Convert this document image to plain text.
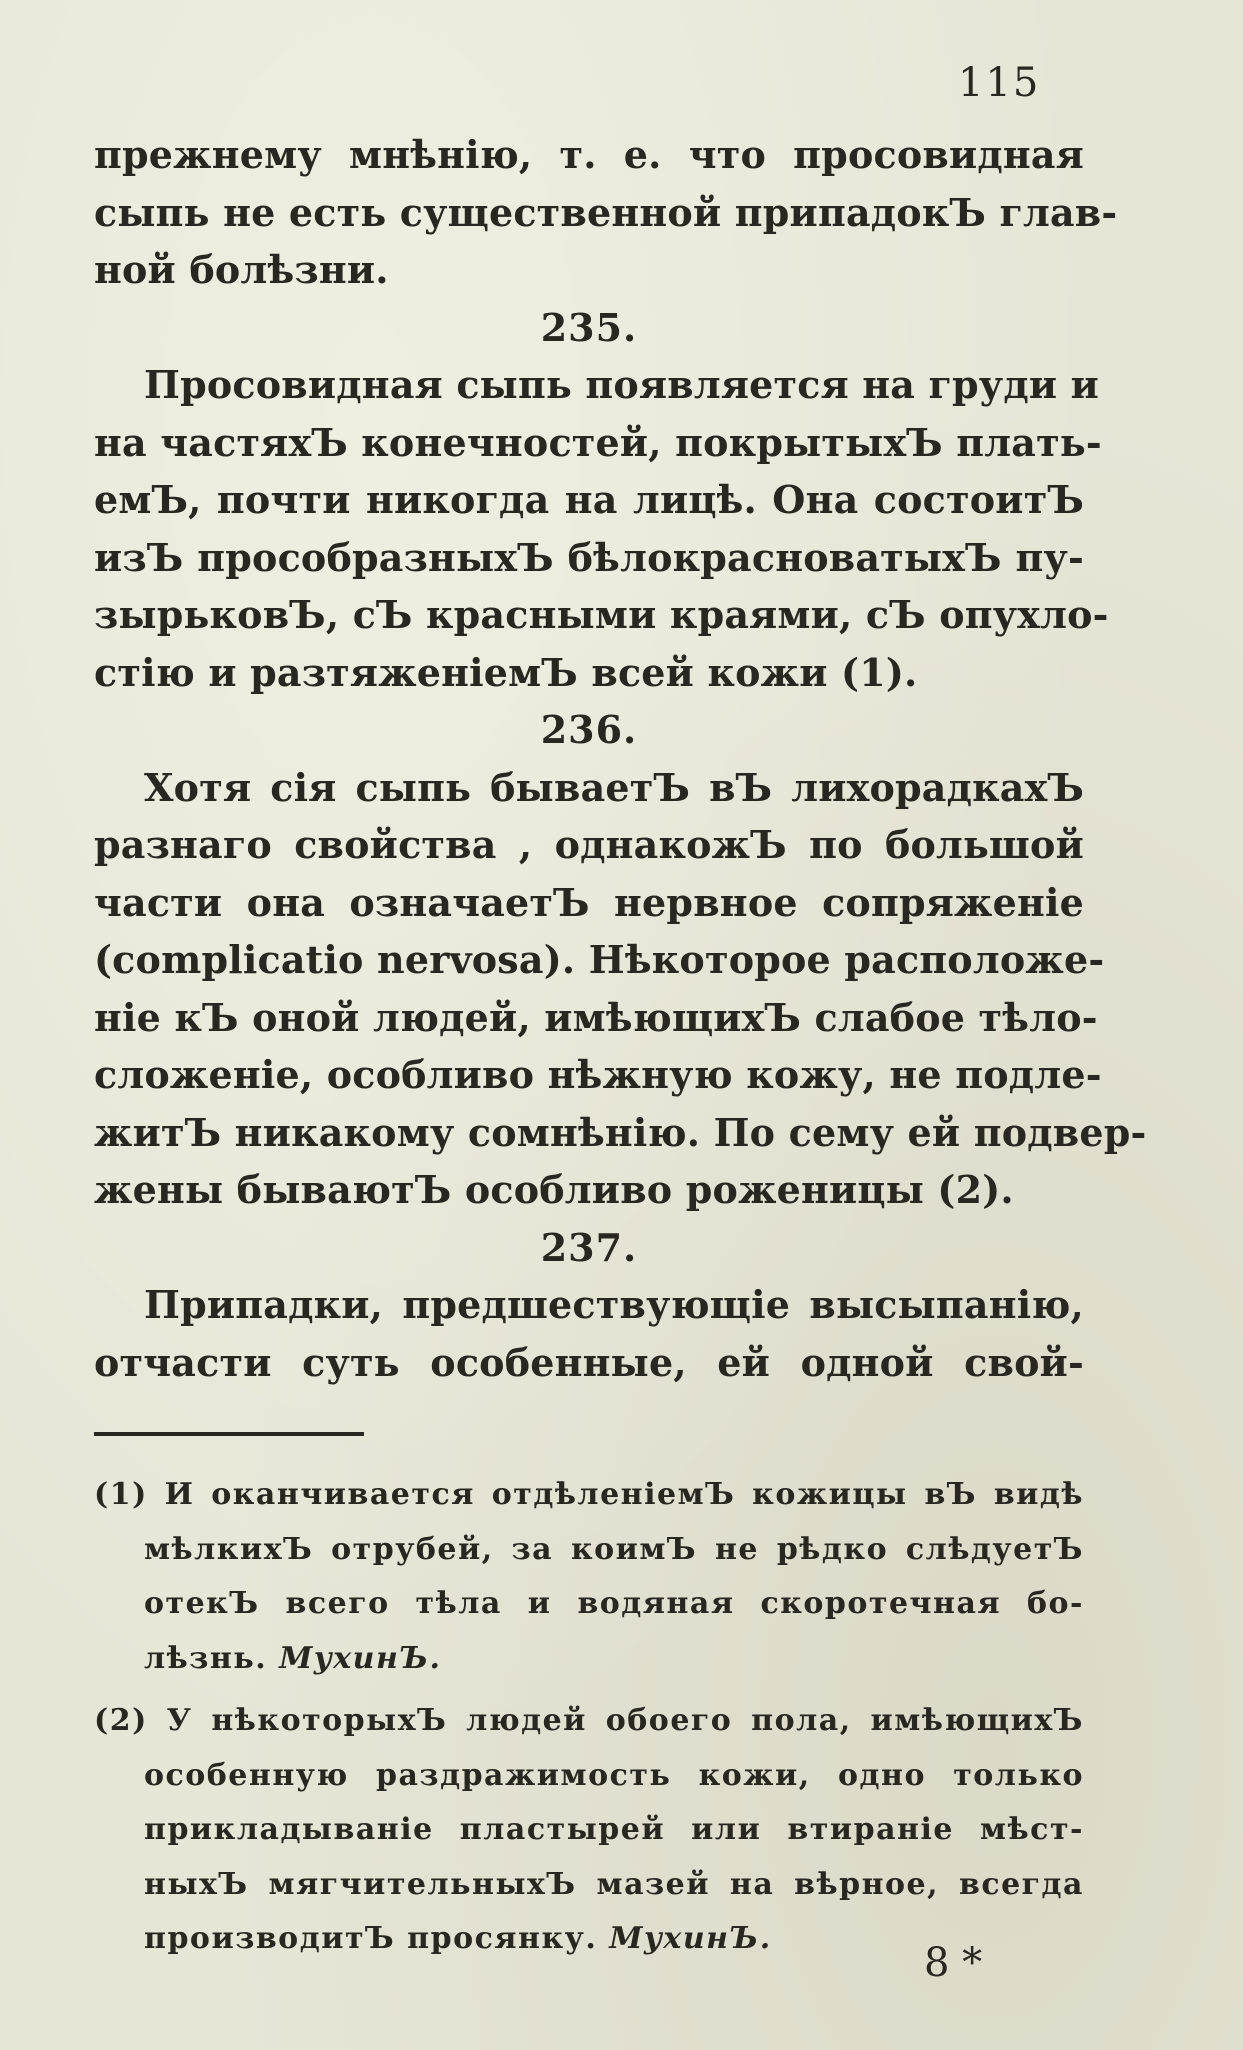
115
прежнему мнѣнію, т. е. что просовидная
сыпь не есть существенной припадокЪ глав-
ной болѣзни.
235.
Просовидная сыпь появляется на груди и
на частяхЪ конечностей, покрытыхЪ плать-
емЪ, почти никогда на лицѣ. Она состоитЪ
изЪ прособразныхЪ бѣлокрасноватыхЪ пу-
зырьковЪ, сЪ красными краями, сЪ опухло-
стію и разтяженіемЪ всей кожи (1).
236.
Хотя сія сыпь бываетЪ вЪ лихорадкахЪ
разнаго свойства , однакожЪ по большой
части она означаетЪ нервное сопряженіе
(complicatio nervosa). Нѣкоторое расположе-
ніе кЪ оной людей, имѣющихЪ слабое тѣло-
сложеніе, особливо нѣжную кожу, не подле-
житЪ никакому сомнѣнію. По сему ей подвер-
жены бываютЪ особливо роженицы (2).
237.
Припадки, предшествующіе высыпанію,
отчасти суть особенные, ей одной свой-
(1) И оканчивается отдѣленіемЪ кожицы вЪ видѣ
мѣлкихЪ отрубей, за коимЪ не рѣдко слѣдуетЪ
отекЪ всего тѣла и водяная скоротечная бо-
лѣзнь. МухинЪ.
(2) У нѣкоторыхЪ людей обоего пола, имѣющихЪ
особенную раздражимость кожи, одно только
прикладываніе пластырей или втираніе мѣст-
ныхЪ мягчительныхЪ мазей на вѣрное, всегда
производитЪ просянку. МухинЪ.
8 *
